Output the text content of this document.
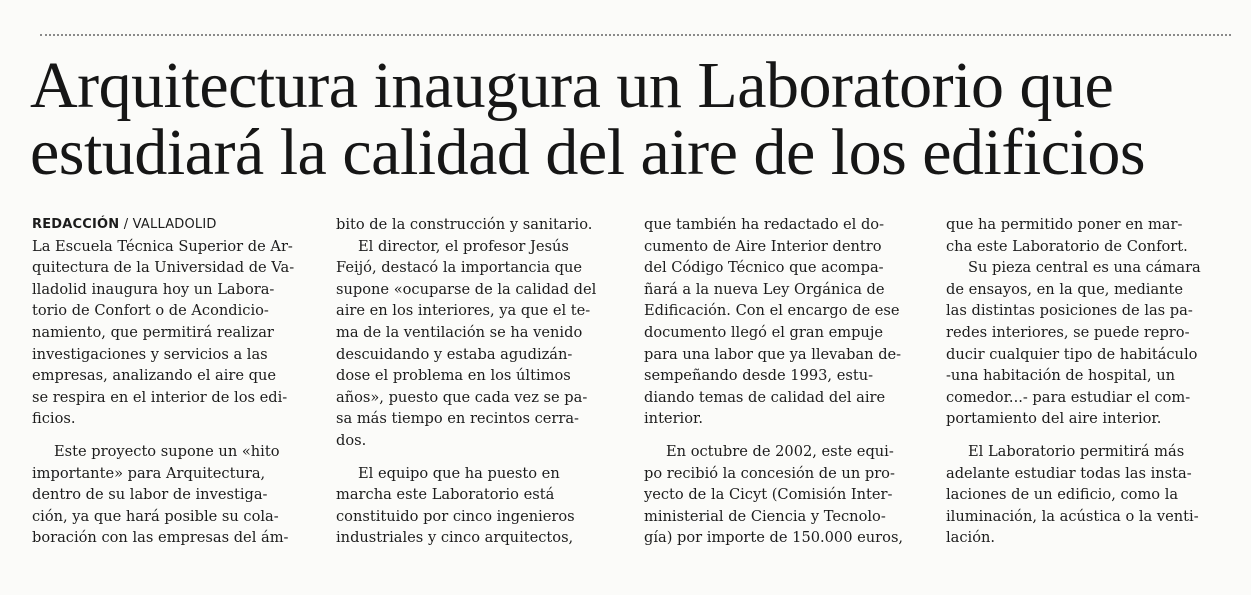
Arquitectura inaugura un Laboratorio que
estudiará la calidad del aire de los edificios
REDACCIÓN / VALLADOLID

La Escuela Técnica Superior de Ar-
quitectura de la Universidad de Va-
lladolid inaugura hoy un Labora-
torio de Confort o de Acondicio-
namiento, que permitirá realizar
investigaciones y servicios a las
empresas, analizando el aire que
se respira en el interior de los edi-
ficios.

Este proyecto supone un «hito
importante» para Arquitectura,
dentro de su labor de investiga-
ción, ya que hará posible su cola-
boración con las empresas del ám-

bito de la construcción y sanitario.

El director, el profesor Jesús
Feijó, destacó la importancia que
supone «ocuparse de la calidad del
aire en los interiores, ya que el te-
ma de la ventilación se ha venido
descuidando y estaba agudizán-
dose el problema en los últimos
años», puesto que cada vez se pa-
sa más tiempo en recintos cerra-
dos.

El equipo que ha puesto en
marcha este Laboratorio está
constituido por cinco ingenieros
industriales y cinco arquitectos,

que también ha redactado el do-
cumento de Aire Interior dentro
del Código Técnico que acompa-
ñará a la nueva Ley Orgánica de
Edificación. Con el encargo de ese
documento llegó el gran empuje
para una labor que ya llevaban de-
sempeñando desde 1993, estu-
diando temas de calidad del aire
interior.

En octubre de 2002, este equi-
po recibió la concesión de un pro-
yecto de la Cicyt (Comisión Inter-
ministerial de Ciencia y Tecnolo-
gía) por importe de 150.000 euros,

que ha permitido poner en mar-
cha este Laboratorio de Confort.

Su pieza central es una cámara
de ensayos, en la que, mediante
las distintas posiciones de las pa-
redes interiores, se puede repro-
ducir cualquier tipo de habitáculo
-una habitación de hospital, un
comedor...- para estudiar el com-
portamiento del aire interior.

El Laboratorio permitirá más
adelante estudiar todas las insta-
laciones de un edificio, como la
iluminación, la acústica o la venti-
lación.
